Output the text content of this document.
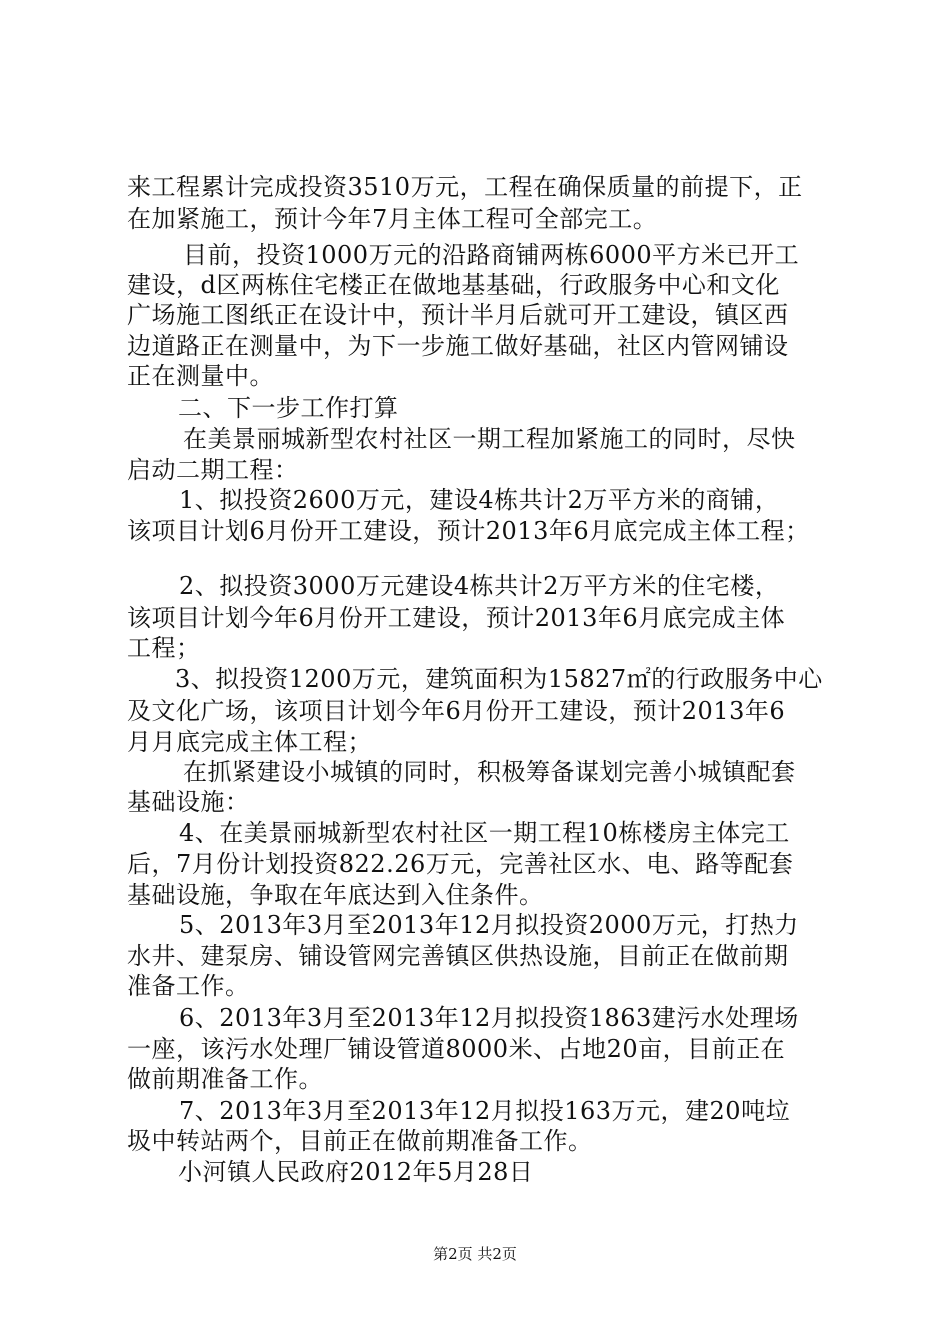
来工程累计完成投资3510万元，工程在确保质量的前提下，正
在加紧施工，预计今年7月主体工程可全部完工。
目前，投资1000万元的沿路商铺两栋6000平方米已开工
建设，d区两栋住宅楼正在做地基基础，行政服务中心和文化
广场施工图纸正在设计中，预计半月后就可开工建设，镇区西
边道路正在测量中，为下一步施工做好基础，社区内管网铺设
正在测量中。
二、下一步工作打算
在美景丽城新型农村社区一期工程加紧施工的同时，尽快
启动二期工程：
1、拟投资2600万元，建设4栋共计2万平方米的商铺，
该项目计划6月份开工建设，预计2013年6月底完成主体工程；
2、拟投资3000万元建设4栋共计2万平方米的住宅楼，
该项目计划今年6月份开工建设，预计2013年6月底完成主体
工程；
3、拟投资1200万元，建筑面积为15827㎡的行政服务中心
及文化广场，该项目计划今年6月份开工建设，预计2013年6
月月底完成主体工程；
在抓紧建设小城镇的同时，积极筹备谋划完善小城镇配套
基础设施：
4、在美景丽城新型农村社区一期工程10栋楼房主体完工
后，7月份计划投资822.26万元，完善社区水、电、路等配套
基础设施，争取在年底达到入住条件。
5、2013年3月至2013年12月拟投资2000万元，打热力
水井、建泵房、铺设管网完善镇区供热设施，目前正在做前期
准备工作。
6、2013年3月至2013年12月拟投资1863建污水处理场
一座，该污水处理厂铺设管道8000米、占地20亩，目前正在
做前期准备工作。
7、2013年3月至2013年12月拟投163万元，建20吨垃
圾中转站两个，目前正在做前期准备工作。
小河镇人民政府2012年5月28日
第2页 共2页
